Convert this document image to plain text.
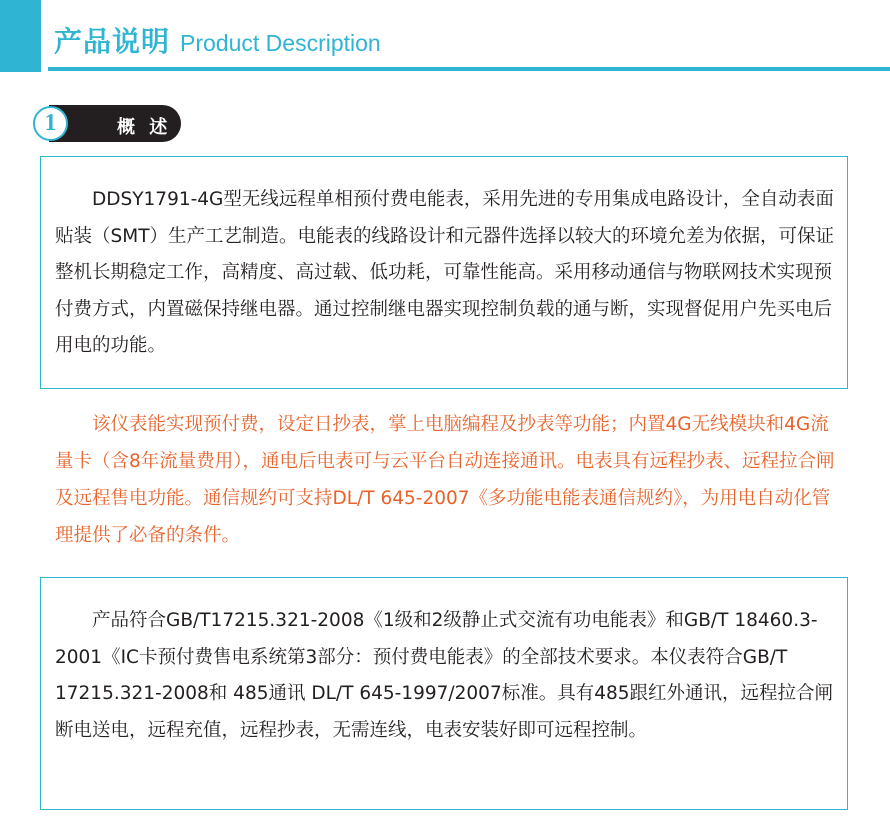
产品说明 Product Description
1	概 述
DDSY1791-4G型无线远程单相预付费电能表，采用先进的专用集成电路设计，全自动表面贴装（SMT）生产工艺制造。电能表的线路设计和元器件选择以较大的环境允差为依据，可保证整机长期稳定工作，高精度、高过载、低功耗，可靠性能高。采用移动通信与物联网技术实现预付费方式，内置磁保持继电器。通过控制继电器实现控制负载的通与断，实现督促用户先买电后用电的功能。
该仪表能实现预付费，设定日抄表，掌上电脑编程及抄表等功能；内置4G无线模块和4G流量卡（含8年流量费用），通电后电表可与云平台自动连接通讯。电表具有远程抄表、远程拉合闸及远程售电功能。通信规约可支持DL/T 645-2007《多功能电能表通信规约》，为用电自动化管理提供了必备的条件。
产品符合GB/T17215.321-2008《1级和2级静止式交流有功电能表》和GB/T 18460.3-2001《IC卡预付费售电系统第3部分：预付费电能表》的全部技术要求。本仪表符合GB/T 17215.321-2008和 485通讯 DL/T 645-1997/2007标准。具有485跟红外通讯，远程拉合闸断电送电，远程充值，远程抄表，无需连线，电表安装好即可远程控制。
